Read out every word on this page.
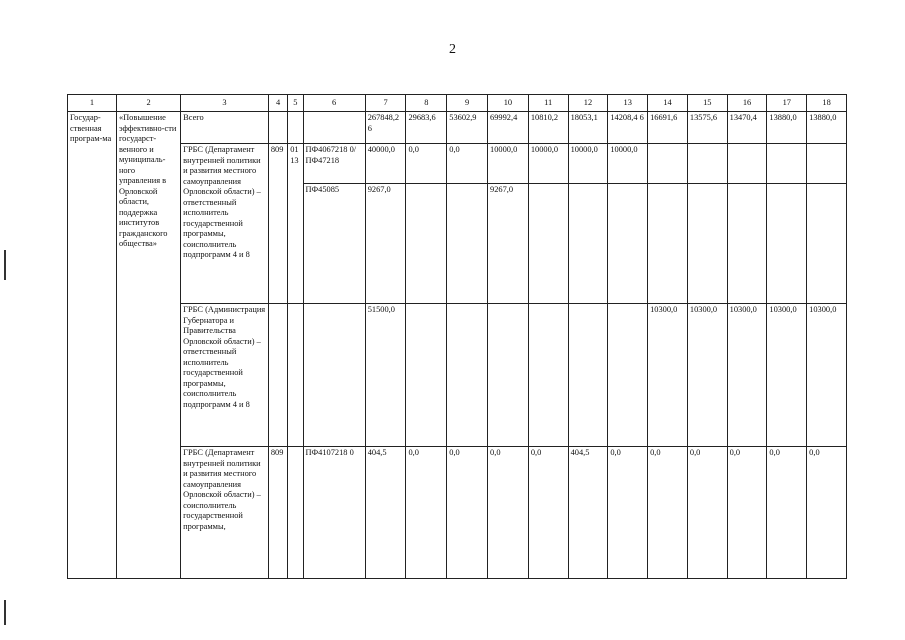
2
1	2	3	4	5	6	7	8	9	10	11	12	13	14	15	16	17	18
Государ-ственная програм-ма	«Повышение эффективно-сти государст-венного и муниципаль-ного управления в Орловской области, поддержка институтов гражданского общества»	Всего				267848,2 6	29683,6	53602,9	69992,4	10810,2	18053,1	14208,4 6	16691,6	13575,6	13470,4	13880,0	13880,0
		ГРБС (Департамент внутренней политики и развития местного самоуправления Орловской области) – ответственный исполнитель государственной программы, соисполнитель подпрограмм 4 и 8	809	01 13	ПФ4067218 0/ ПФ47218	40000,0	0,0	0,0	10000,0	10000,0	10000,0	10000,0					
					ПФ45085	9267,0			9267,0								
		ГРБС (Администрация Губернатора и Правительства Орловской области) – ответственный исполнитель государственной программы, соисполнитель подпрограмм 4 и 8				51500,0							10300,0	10300,0	10300,0	10300,0	10300,0
		ГРБС (Департамент внутренней политики и развития местного самоуправления Орловской области) – соисполнитель государственной программы,	809		ПФ4107218 0	404,5	0,0	0,0	0,0	0,0	404,5	0,0	0,0	0,0	0,0	0,0	0,0
